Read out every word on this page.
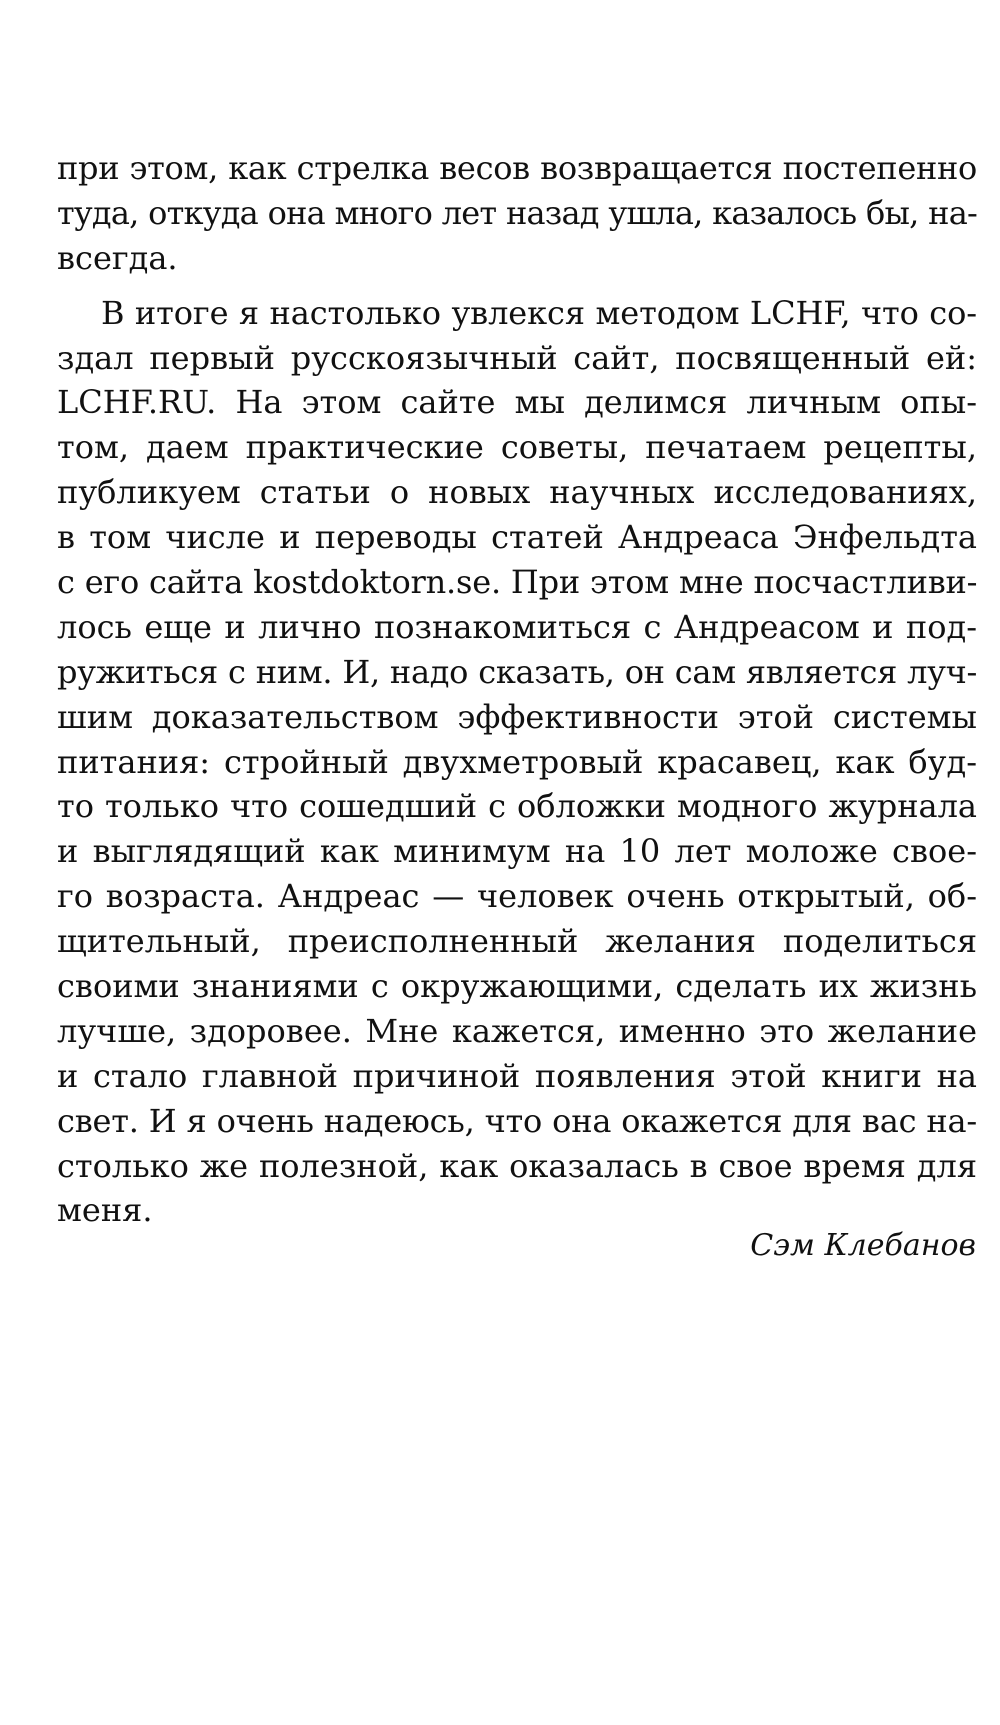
при этом, как стрелка весов возвращается постепенно
туда, откуда она много лет назад ушла, казалось бы, на-
всегда.
В итоге я настолько увлекся методом LCHF, что со-
здал первый русскоязычный сайт, посвященный ей:
LCHF.RU. На этом сайте мы делимся личным опы-
том, даем практические советы, печатаем рецепты,
публикуем статьи о новых научных исследованиях,
в том числе и переводы статей Андреаса Энфельдта
с его сайта kostdoktorn.se. При этом мне посчастливи-
лось еще и лично познакомиться с Андреасом и под-
ружиться с ним. И, надо сказать, он сам является луч-
шим доказательством эффективности этой системы
питания: стройный двухметровый красавец, как буд-
то только что сошедший с обложки модного журнала
и выглядящий как минимум на 10 лет моложе свое-
го возраста. Андреас — человек очень открытый, об-
щительный, преисполненный желания поделиться
своими знаниями с окружающими, сделать их жизнь
лучше, здоровее. Мне кажется, именно это желание
и стало главной причиной появления этой книги на
свет. И я очень надеюсь, что она окажется для вас на-
столько же полезной, как оказалась в свое время для
меня.
Сэм Клебанов
